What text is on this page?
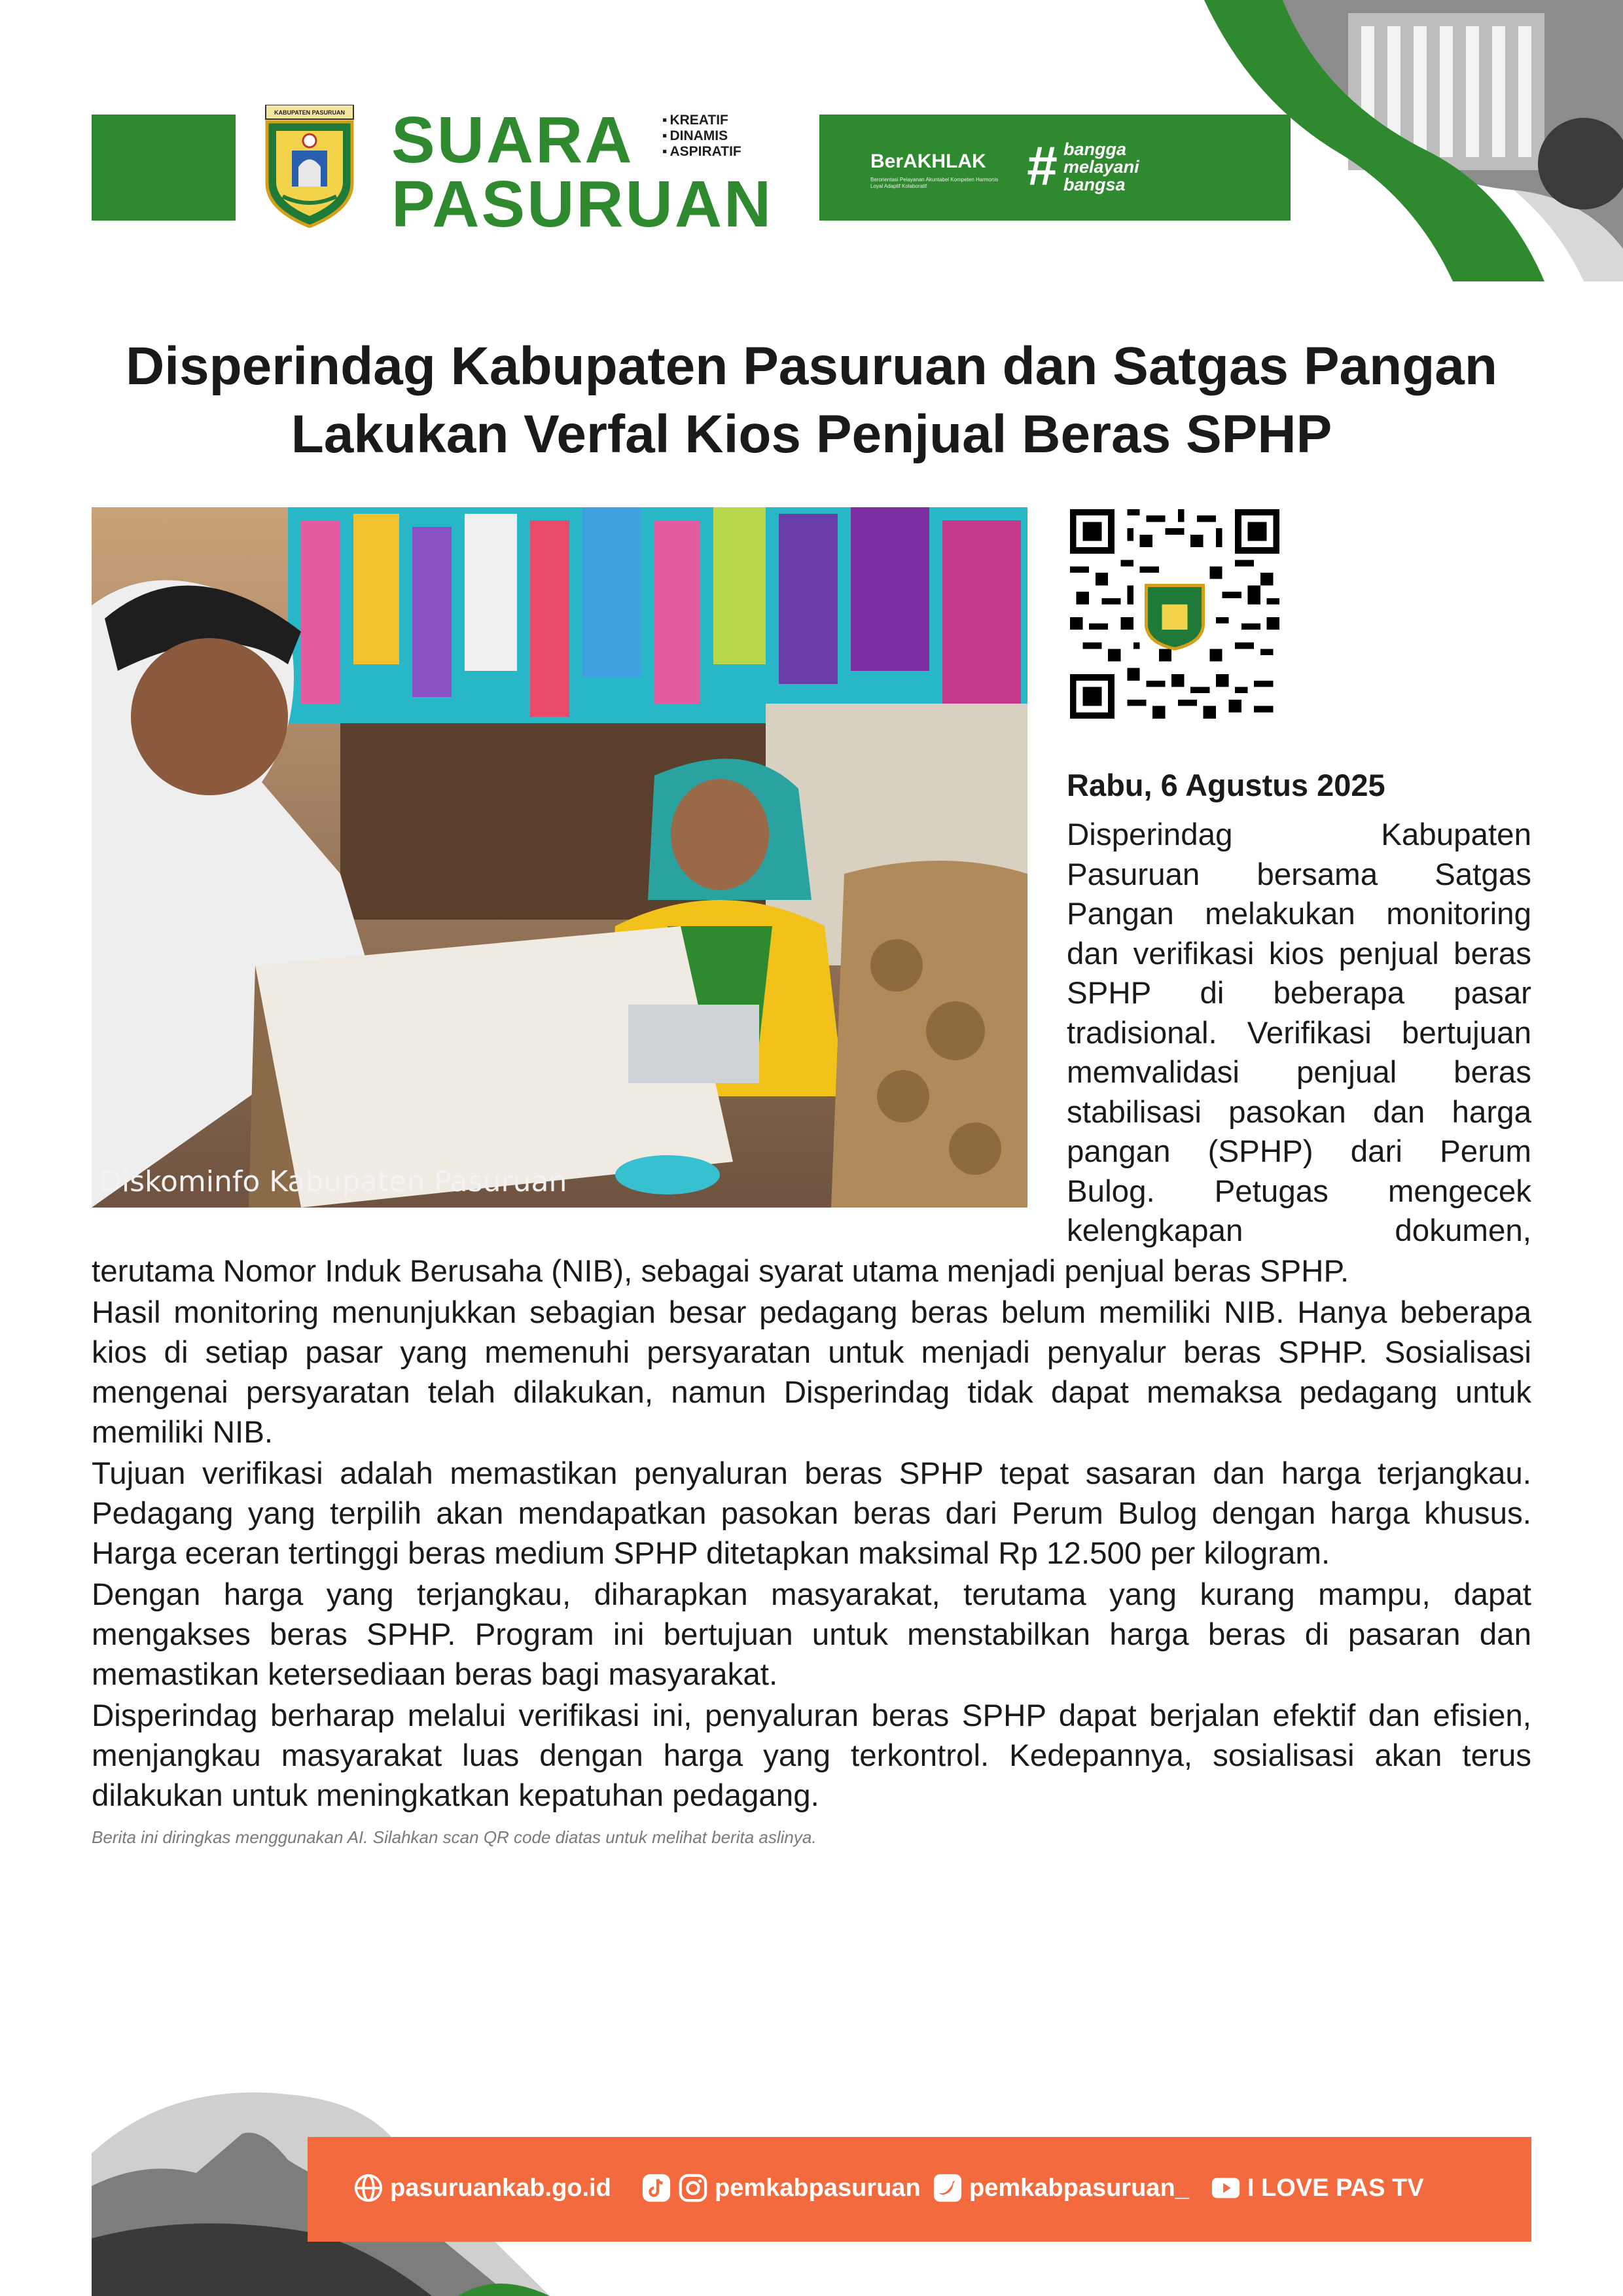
KABUPATEN PASURUAN SUARA
PASURUAN
▪ KREATIF
▪ DINAMIS
▪ ASPIRATIF	BerAKHLAK
Berorientasi Pelayanan Akuntabel Kompeten Harmonis Loyal Adaptif Kolaboratif	# bangga
melayani
bangsa
Disperindag Kabupaten Pasuruan dan Satgas Pangan
Lakukan Verfal Kios Penjual Beras SPHP
Diskominfo Kabupaten Pasuruan
Rabu, 6 Agustus 2025
Disperindag Kabupaten
Pasuruan bersama Satgas
Pangan melakukan monitoring
dan verifikasi kios penjual beras
SPHP di beberapa pasar
tradisional. Verifikasi bertujuan
memvalidasi penjual beras
stabilisasi pasokan dan harga
pangan (SPHP) dari Perum
Bulog. Petugas mengecek
kelengkapan dokumen,

terutama Nomor Induk Berusaha (NIB), sebagai syarat utama menjadi penjual beras SPHP.

Hasil monitoring menunjukkan sebagian besar pedagang beras belum memiliki NIB. Hanya beberapa kios di setiap pasar yang memenuhi persyaratan untuk menjadi penyalur beras SPHP. Sosialisasi mengenai persyaratan telah dilakukan, namun Disperindag tidak dapat memaksa pedagang untuk memiliki NIB.

Tujuan verifikasi adalah memastikan penyaluran beras SPHP tepat sasaran dan harga terjangkau. Pedagang yang terpilih akan mendapatkan pasokan beras dari Perum Bulog dengan harga khusus. Harga eceran tertinggi beras medium SPHP ditetapkan maksimal Rp 12.500 per kilogram.

Dengan harga yang terjangkau, diharapkan masyarakat, terutama yang kurang mampu, dapat mengakses beras SPHP. Program ini bertujuan untuk menstabilkan harga beras di pasaran dan memastikan ketersediaan beras bagi masyarakat.

Disperindag berharap melalui verifikasi ini, penyaluran beras SPHP dapat berjalan efektif dan efisien, menjangkau masyarakat luas dengan harga yang terkontrol. Kedepannya, sosialisasi akan terus dilakukan untuk meningkatkan kepatuhan pedagang.

Berita ini diringkas menggunakan AI. Silahkan scan QR code diatas untuk melihat berita aslinya.
pasuruankab.go.id	pemkabpasuruan pemkabpasuruan_ I LOVE PAS TV
